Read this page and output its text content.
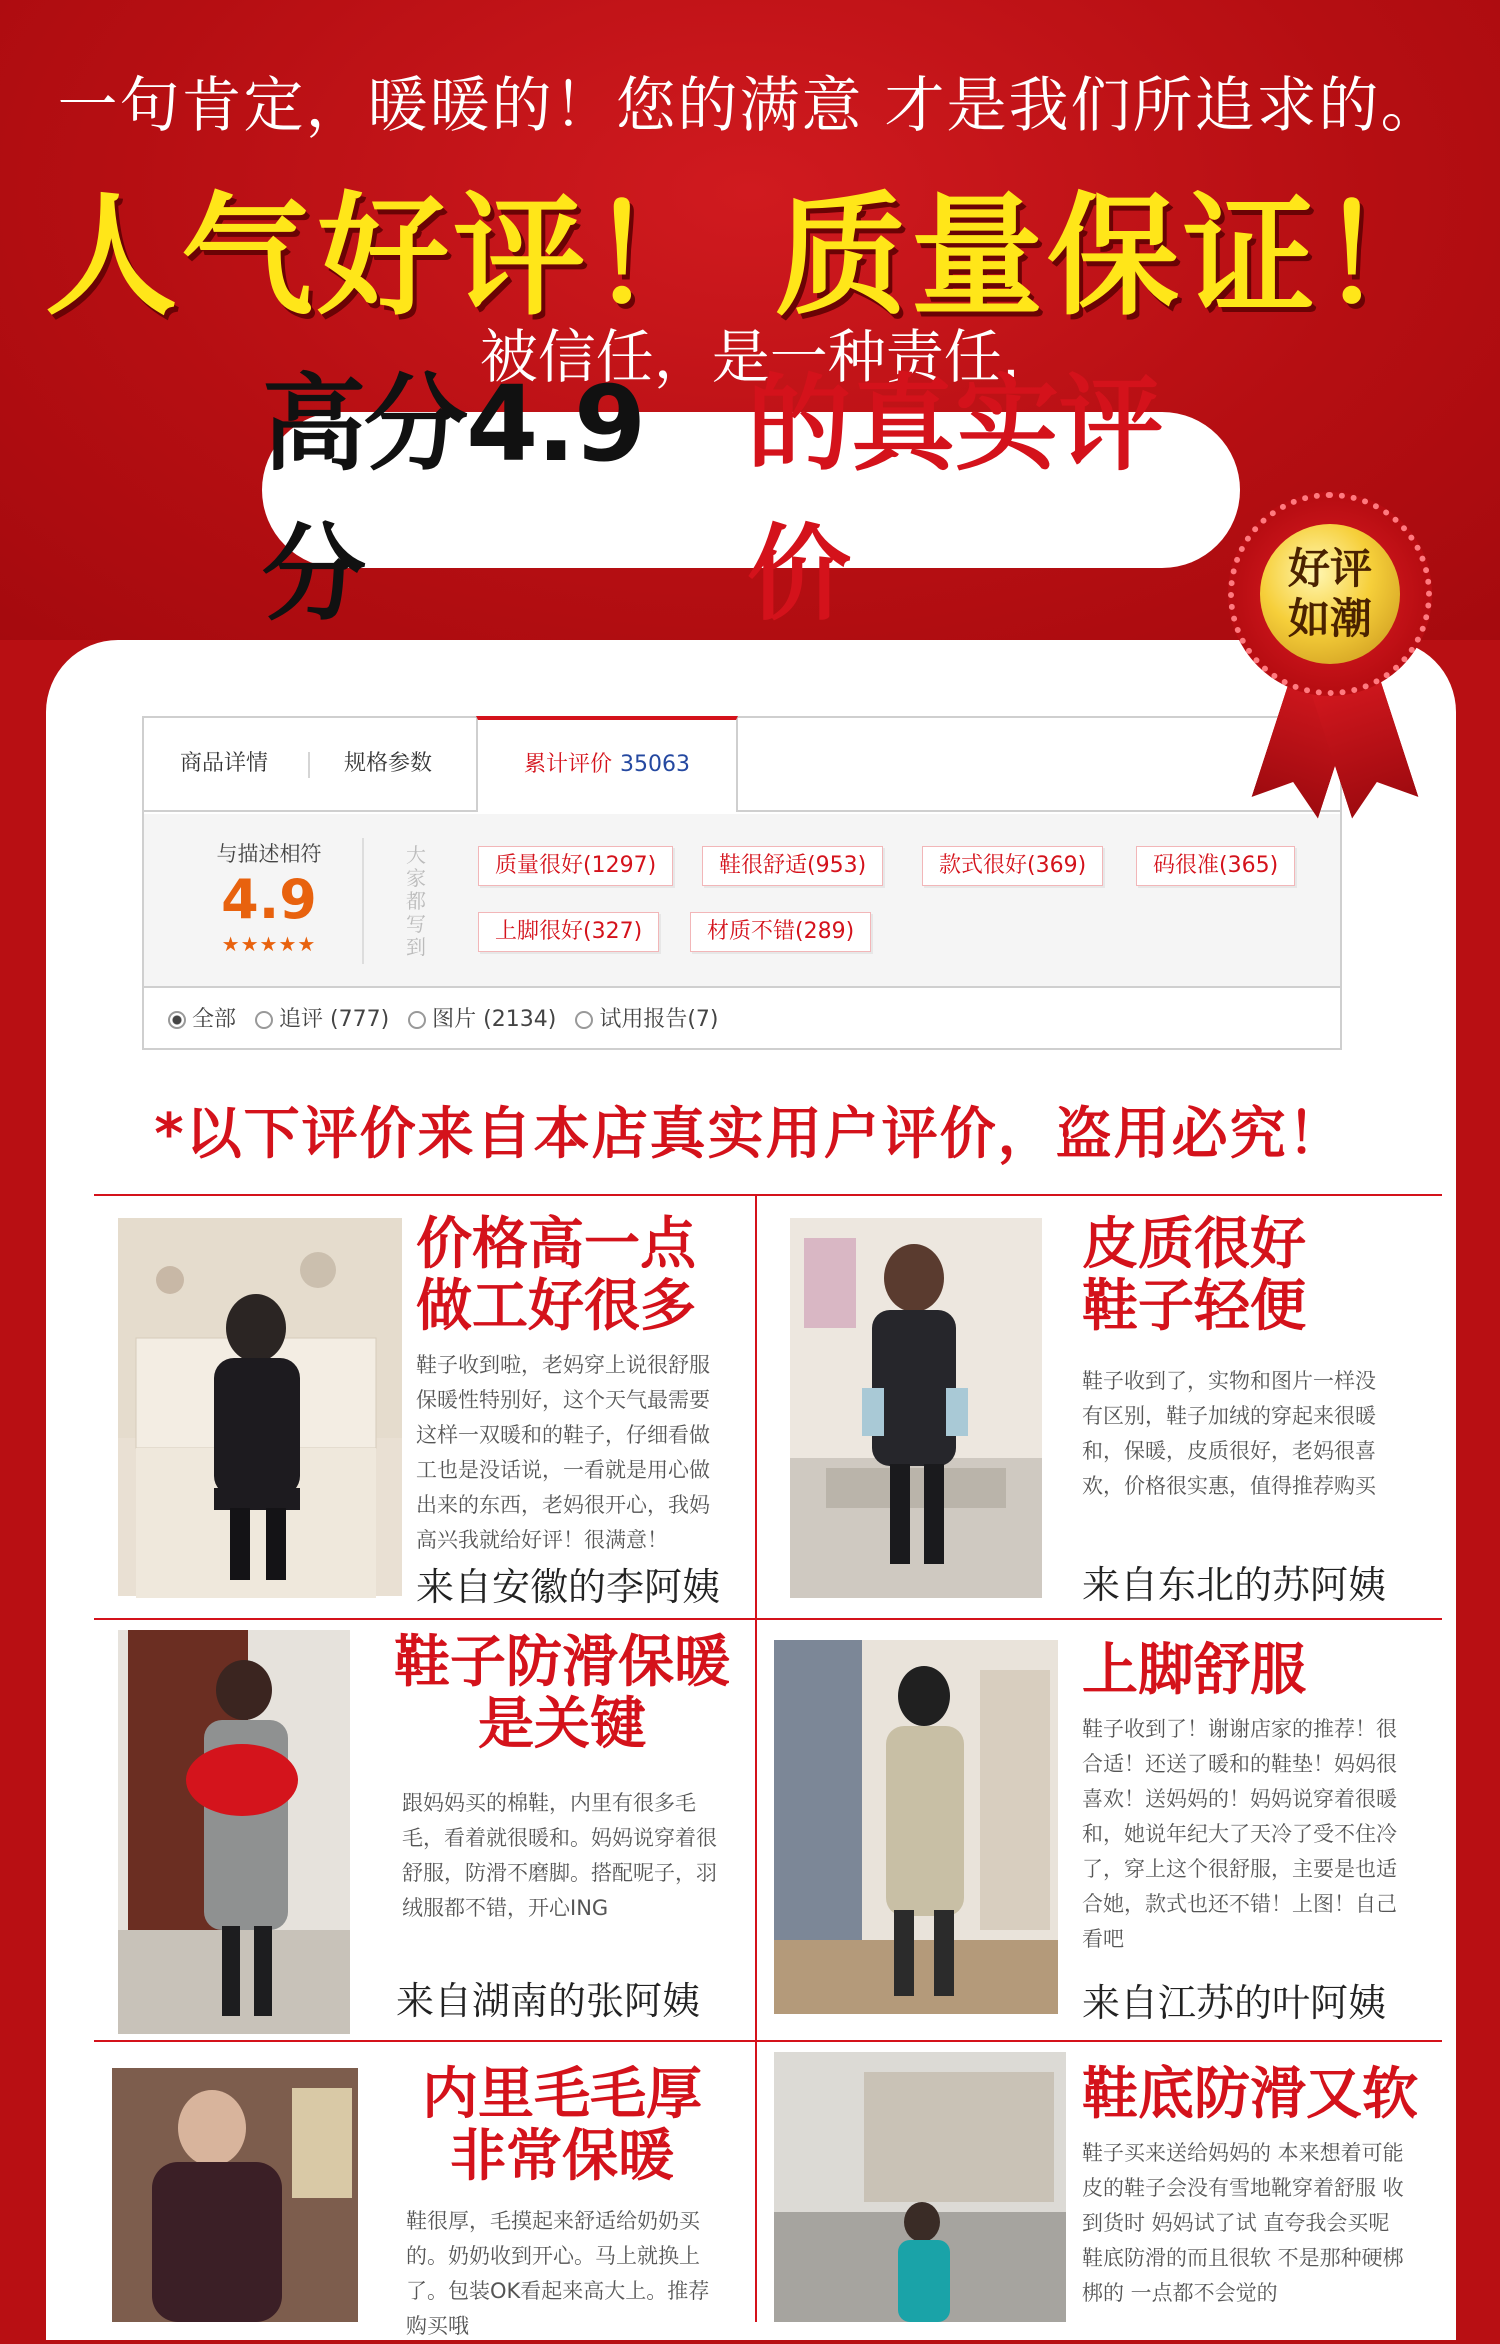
一句肯定，暖暖的！您的满意 才是我们所追求的。
人气好评！ 质量保证！
被信任，是一种责任.
高分4.9分
的真实评价	好评
如潮
商品详情	规格参数	累计评价 35063
与描述相符
4.9
★★★★★
大家都写到
质量很好(1297)	鞋很舒适(953)	款式很好(369)	码很准(365)
上脚很好(327)	材质不错(289)
全部 追评 (777) 图片 (2134) 试用报告(7)
*以下评价来自本店真实用户评价，盗用必究！
价格高一点
做工好很多
鞋子收到啦，老妈穿上说很舒服保暖性特别好，这个天气最需要这样一双暖和的鞋子，仔细看做工也是没话说，一看就是用心做出来的东西，老妈很开心，我妈高兴我就给好评！很满意！
来自安徽的李阿姨
皮质很好
鞋子轻便
鞋子收到了，实物和图片一样没有区别，鞋子加绒的穿起来很暖和，保暖，皮质很好，老妈很喜欢，价格很实惠，值得推荐购买
来自东北的苏阿姨
鞋子防滑保暖
是关键
跟妈妈买的棉鞋，内里有很多毛毛，看着就很暖和。妈妈说穿着很舒服，防滑不磨脚。搭配呢子，羽绒服都不错，开心ING
来自湖南的张阿姨
上脚舒服
鞋子收到了！谢谢店家的推荐！很合适！还送了暖和的鞋垫！妈妈很喜欢！送妈妈的！妈妈说穿着很暖和，她说年纪大了天冷了受不住冷了，穿上这个很舒服，主要是也适合她，款式也还不错！上图！自己看吧
来自江苏的叶阿姨
内里毛毛厚
非常保暖
鞋很厚，毛摸起来舒适给奶奶买的。奶奶收到开心。马上就换上了。包装OK看起来高大上。推荐购买哦
鞋底防滑又软
鞋子买来送给妈妈的 本来想着可能皮的鞋子会没有雪地靴穿着舒服 收到货时 妈妈试了试 直夸我会买呢 鞋底防滑的而且很软 不是那种硬梆梆的 一点都不会觉的
